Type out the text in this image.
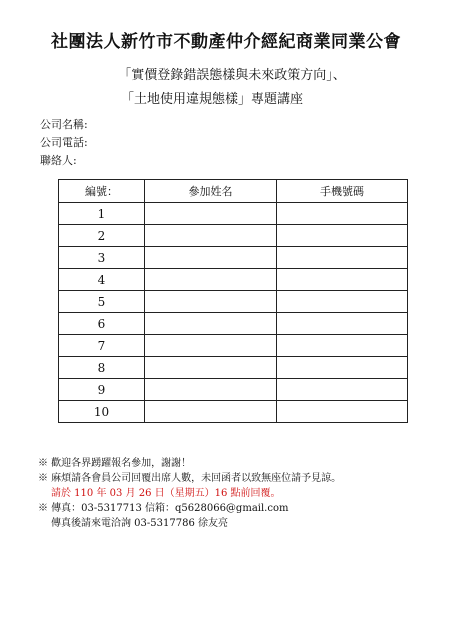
社團法人新竹市不動產仲介經紀商業同業公會
「實價登錄錯誤態樣與未來政策方向」、
「土地使用違規態樣」專題講座
公司名稱:
公司電話:
聯絡人:
編號：	參加姓名	手機號碼
1		
2		
3		
4		
5		
6		
7		
8		
9		
10		
※ 歡迎各界踴躍報名參加，謝謝！
※ 麻煩請各會員公司回覆出席人數，未回函者以致無座位請予見諒。
請於 110 年 03 月 26 日（星期五）16 點前回覆。
※ 傳真：03-5317713 信箱：q5628066@gmail.com
傳真後請來電洽詢 03-5317786 徐友亮
